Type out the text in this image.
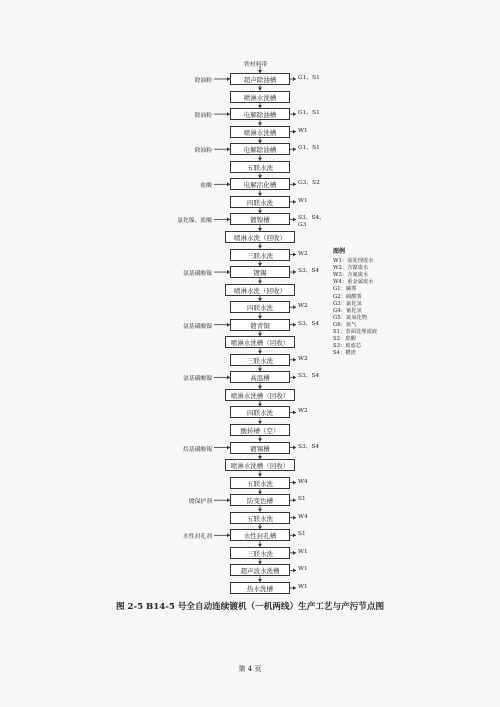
铁材料带
超声除油槽
除油粉	G1、S1
喷淋水洗槽
电解除油槽
除油粉	G1、S1
喷淋水洗槽	W1
电解除油槽
除油粉	G1、S1
五联水洗
电解活化槽
盐酸	G3、S2
四联水洗	W1
镀镍槽
氯化镍、盐酸	S3、S4、G3
喷淋水洗（回收）
三联水洗	W2
镀锡
氨基磺酸镍	S3、S4
喷淋水洗（回收）
四联水洗	W2
镀青铜
氨基磺酸镍	S3、S4
喷淋水洗槽（回收）
三联水洗	W2
高温槽
氨基磺酸镍	S3、S4
喷淋水洗槽（回收）
四联水洗	W2
酸转槽（空）
镀锡槽
烷基磺酸锡	S3、S4
喷淋水洗槽（回收）
五联水洗	W4
防变色槽
镀保护剂	S1
五联水洗	W4
水性封孔槽
水性封孔剂	S1
三联水洗	W1
超声波水洗槽	W1
热水洗槽	W1
图例
W1：前处理废水
W2：含镍废水
W3：含氰废水
W4：重金属废水
G1：碱雾
G2：硫酸雾
G3：氯化氢
G4：氰化氢
G5：氮氧化物
G6：氨气
S1：表面处理废液
S2：废酸
S3：废滤芯
S4：槽渣
图 2-5 B14-5 号全自动连续镀机（一机两线）生产工艺与产污节点图
第 4 页
